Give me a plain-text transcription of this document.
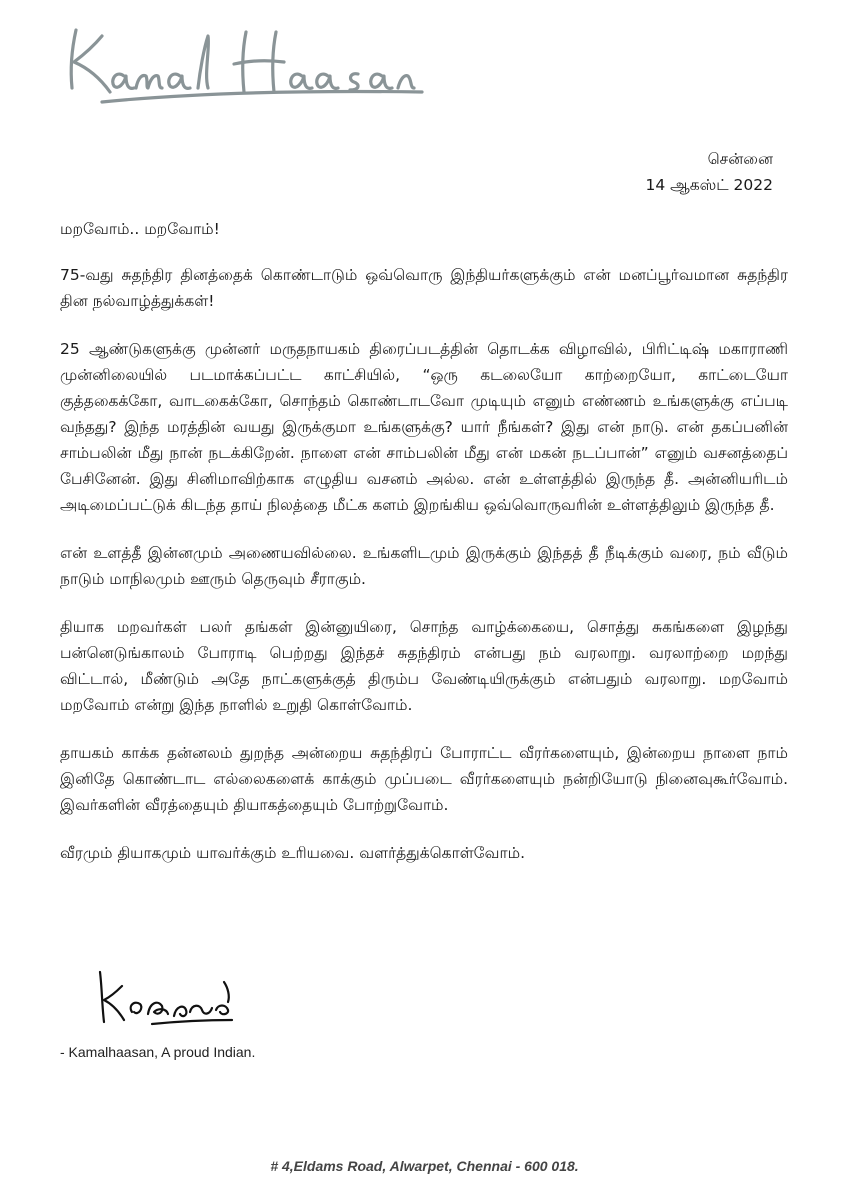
சென்னை
14 ஆகஸ்ட் 2022

மறவோம்.. மறவோம்!

75-வது சுதந்திர தினத்தைக் கொண்டாடும் ஒவ்வொரு இந்தியர்களுக்கும் என் மனப்பூர்வமான சுதந்திர தின நல்வாழ்த்துக்கள்!

25 ஆண்டுகளுக்கு முன்னர் மருதநாயகம் திரைப்படத்தின் தொடக்க விழாவில், பிரிட்டிஷ் மகாராணி முன்னிலையில் படமாக்கப்பட்ட காட்சியில், “ஒரு கடலையோ காற்றையோ, காட்டையோ குத்தகைக்கோ, வாடகைக்கோ, சொந்தம் கொண்டாடவோ முடியும் எனும் எண்ணம் உங்களுக்கு எப்படி வந்தது? இந்த மரத்தின் வயது இருக்குமா உங்களுக்கு? யார் நீங்கள்? இது என் நாடு. என் தகப்பனின் சாம்பலின் மீது நான் நடக்கிறேன். நாளை என் சாம்பலின் மீது என் மகன் நடப்பான்” எனும் வசனத்தைப் பேசினேன். இது சினிமாவிற்காக எழுதிய வசனம் அல்ல. என் உள்ளத்தில் இருந்த தீ. அன்னியரிடம் அடிமைப்பட்டுக் கிடந்த தாய் நிலத்தை மீட்க களம் இறங்கிய ஒவ்வொருவரின் உள்ளத்திலும் இருந்த தீ.

என் உளத்தீ இன்னமும் அணையவில்லை. உங்களிடமும் இருக்கும் இந்தத் தீ நீடிக்கும் வரை, நம் வீடும் நாடும் மாநிலமும் ஊரும் தெருவும் சீராகும்.

தியாக மறவர்கள் பலர் தங்கள் இன்னுயிரை, சொந்த வாழ்க்கையை, சொத்து சுகங்களை இழந்து பன்னெடுங்காலம் போராடி பெற்றது இந்தச் சுதந்திரம் என்பது நம் வரலாறு. வரலாற்றை மறந்து விட்டால், மீண்டும் அதே நாட்களுக்குத் திரும்ப வேண்டியிருக்கும் என்பதும் வரலாறு. மறவோம் மறவோம் என்று இந்த நாளில் உறுதி கொள்வோம்.

தாயகம் காக்க தன்னலம் துறந்த அன்றைய சுதந்திரப் போராட்ட வீரர்களையும், இன்றைய நாளை நாம் இனிதே கொண்டாட எல்லைகளைக் காக்கும் முப்படை வீரர்களையும் நன்றியோடு நினைவுகூர்வோம். இவர்களின் வீரத்தையும் தியாகத்தையும் போற்றுவோம்.

வீரமும் தியாகமும் யாவர்க்கும் உரியவை. வளர்த்துக்கொள்வோம்.

- Kamalhaasan, A proud Indian.
# 4,Eldams Road, Alwarpet, Chennai - 600 018.
